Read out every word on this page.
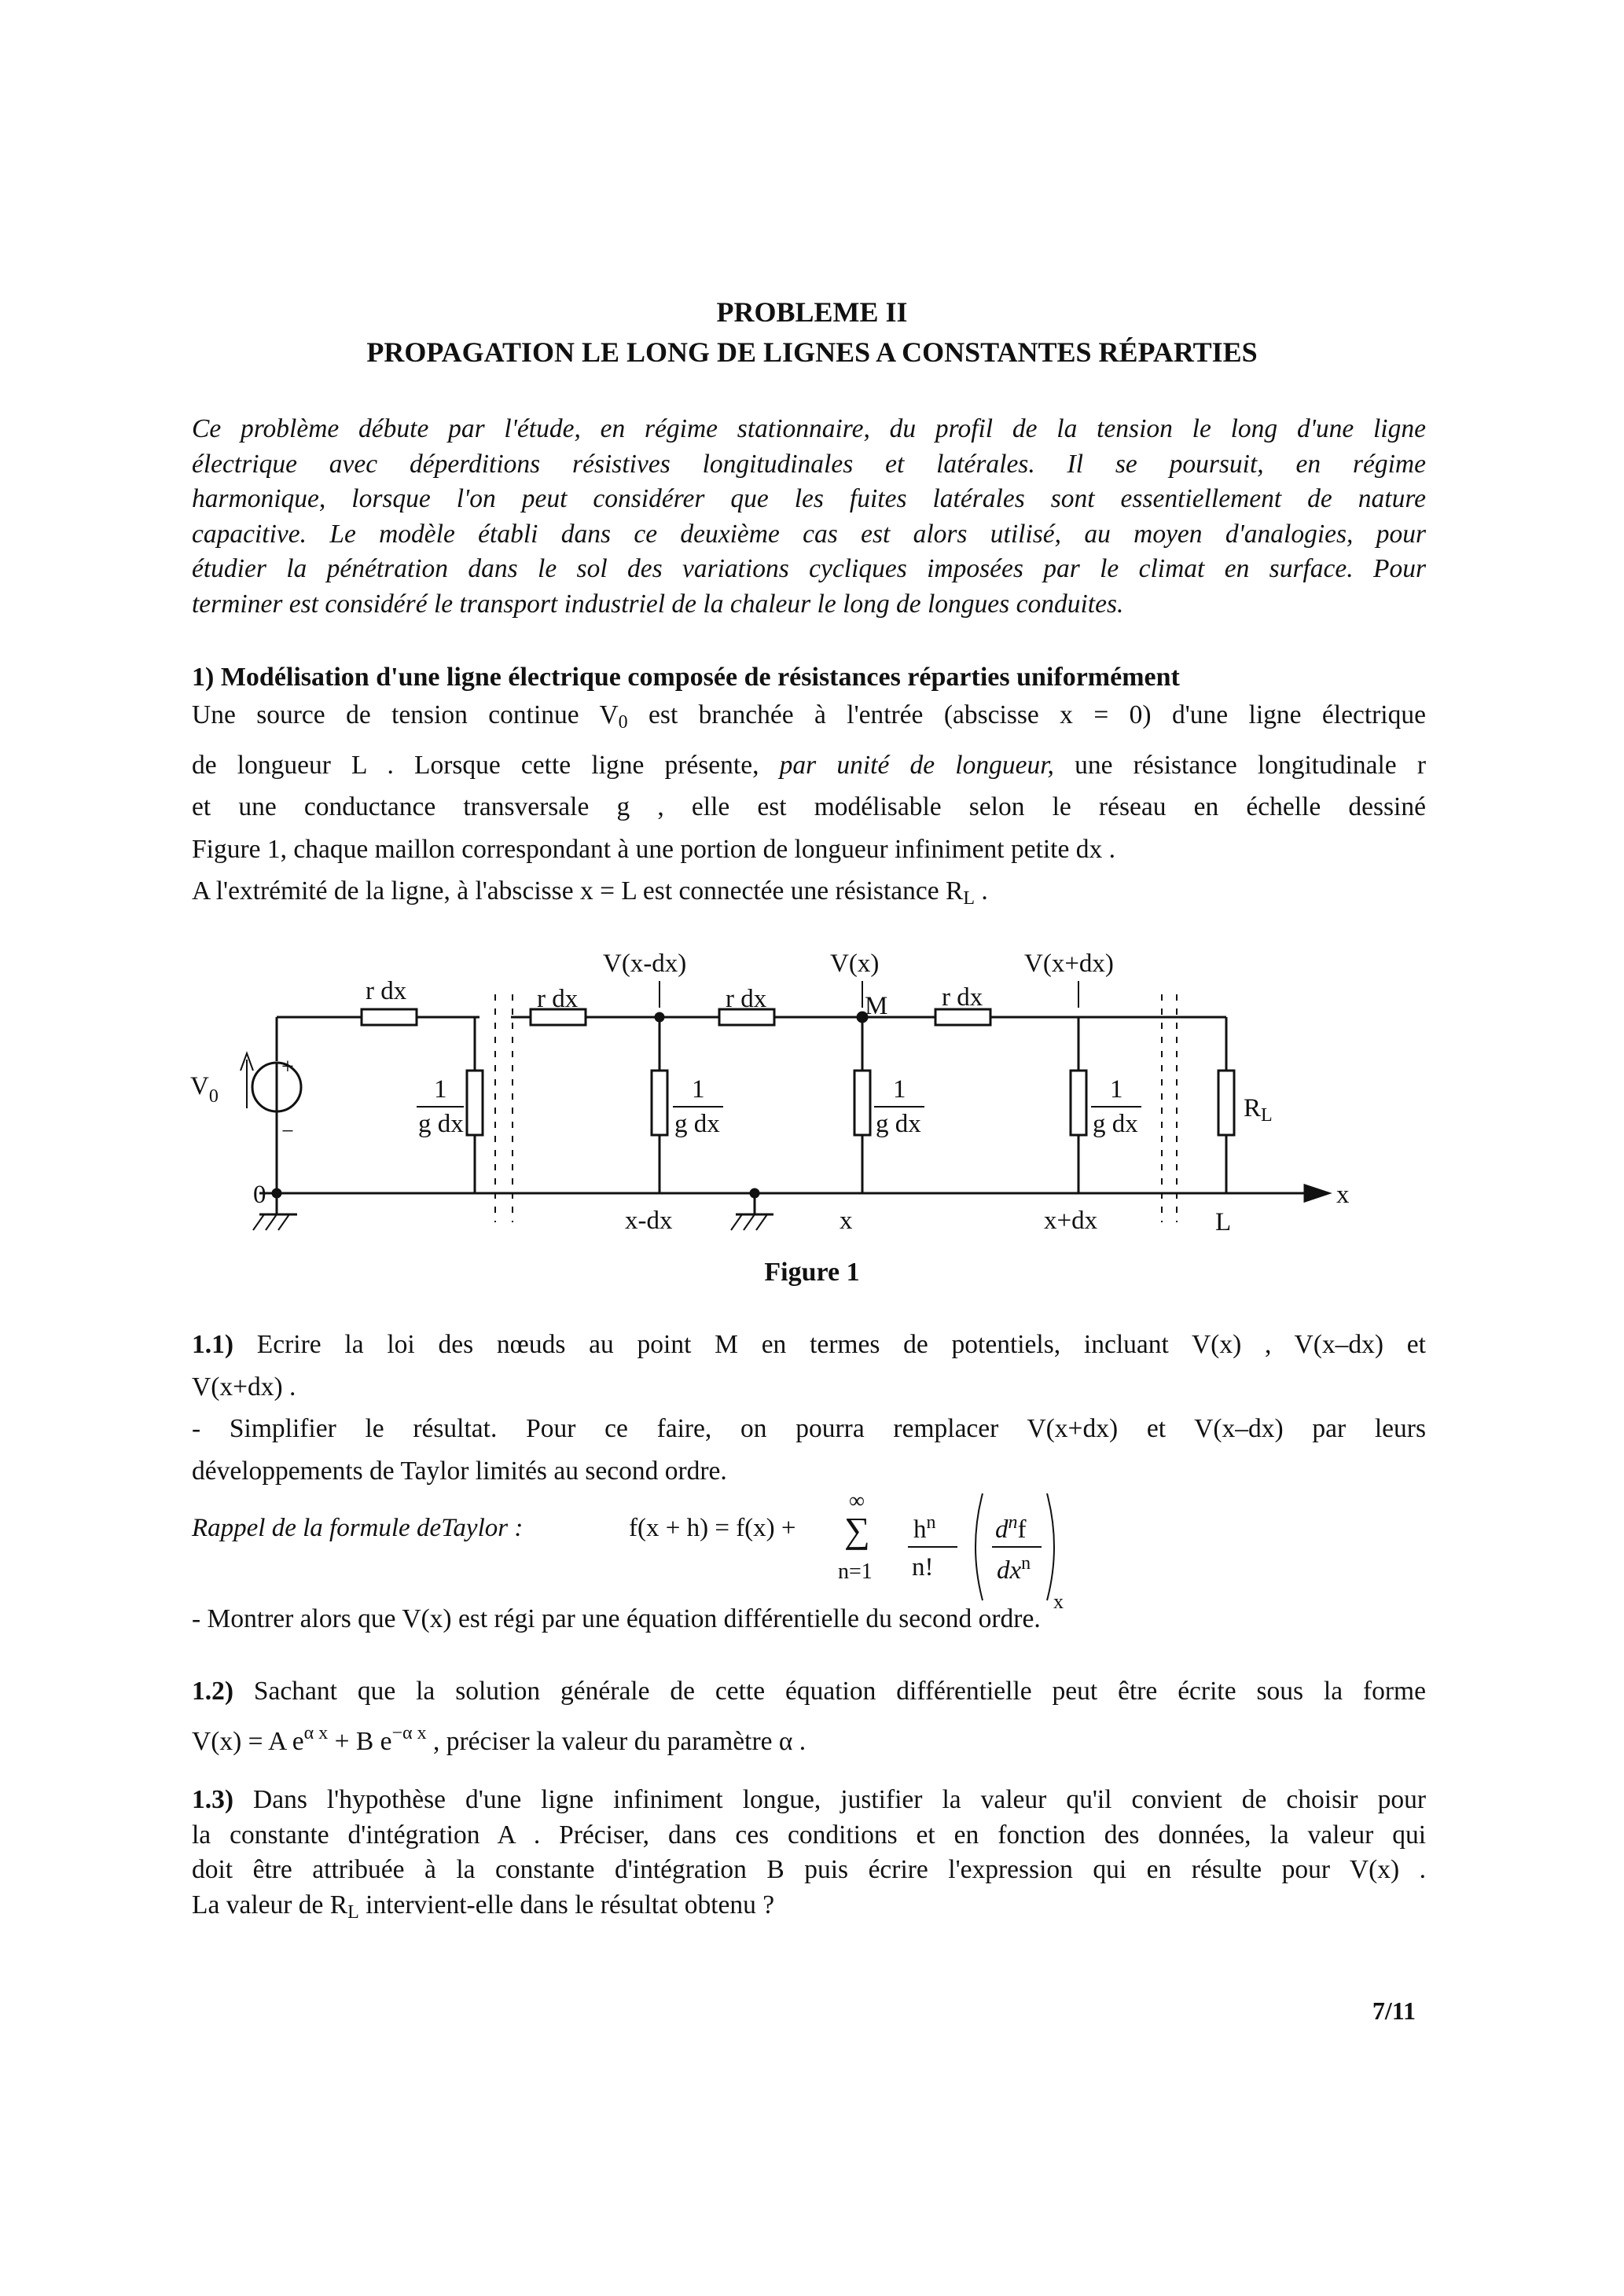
PROBLEME II
PROPAGATION LE LONG DE LIGNES A CONSTANTES RÉPARTIES
Ce problème débute par l'étude, en régime stationnaire, du profil de la tension le long d'une ligne
électrique avec déperditions résistives longitudinales et latérales. Il se poursuit, en régime
harmonique, lorsque l'on peut considérer que les fuites latérales sont essentiellement de nature
capacitive. Le modèle établi dans ce deuxième cas est alors utilisé, au moyen d'analogies, pour
étudier la pénétration dans le sol des variations cycliques imposées par le climat en surface. Pour
terminer est considéré le transport industriel de la chaleur le long de longues conduites.
1) Modélisation d'une ligne électrique composée de résistances réparties uniformément
Une source de tension continue $V_0$ est branchée à l'entrée (abscisse x = 0) d'une ligne électrique
de longueur L . Lorsque cette ligne présente, par unité de longueur, une résistance longitudinale r
et une conductance transversale g , elle est modélisable selon le réseau en échelle dessiné
Figure 1, chaque maillon correspondant à une portion de longueur infiniment petite dx .
A l'extrémité de la ligne, à l'abscisse x = L est connectée une résistance $R_L$ .
r dx	r dx	r dx	r dx
1
g dx
1
g dx
1
g dx
1
g dx
V(x-dx)	V(x)	V(x+dx)
M
$V_0$
+
−
RL
0
x-dx	x	x+dx	L
x
Figure 1
1.1) Ecrire la loi des nœuds au point M en termes de potentiels, incluant V(x) , V(x–dx) et
V(x+dx) .
- Simplifier le résultat. Pour ce faire, on pourra remplacer V(x+dx) et V(x–dx) par leurs
développements de Taylor limités au second ordre.
Rappel de la formule deTaylor :	f(x + h) = f(x) +
∞
∑
n=1
$h^n$
n!
$d^nf$
$dx^n$
x
- Montrer alors que V(x) est régi par une équation différentielle du second ordre.
1.2) Sachant que la solution générale de cette équation différentielle peut être écrite sous la forme
V(x) = A $e^{\alpha x} + B$ $e^{-\alpha x}$ , préciser la valeur du paramètre α .
1.3) Dans l'hypothèse d'une ligne infiniment longue, justifier la valeur qu'il convient de choisir pour
la constante d'intégration A . Préciser, dans ces conditions et en fonction des données, la valeur qui
doit être attribuée à la constante d'intégration B puis écrire l'expression qui en résulte pour V(x) .
La valeur de $R_L$ intervient-elle dans le résultat obtenu ?
7/11
